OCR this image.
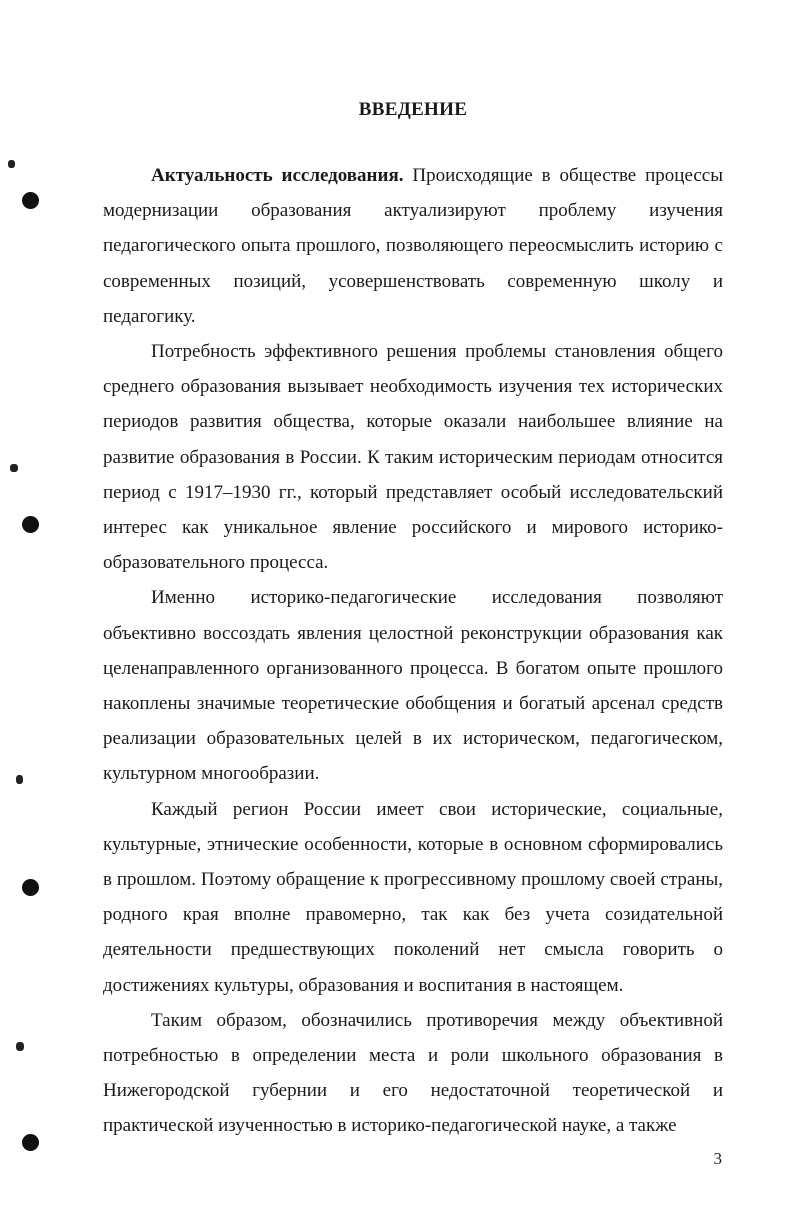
ВВЕДЕНИЕ

Актуальность исследования. Происходящие в обществе процессы модернизации образования актуализируют проблему изучения педагогического опыта прошлого, позволяющего переосмыслить историю с современных позиций, усовершенствовать современную школу и педагогику.

Потребность эффективного решения проблемы становления общего среднего образования вызывает необходимость изучения тех исторических периодов развития общества, которые оказали наибольшее влияние на развитие образования в России. К таким историческим периодам относится период с 1917–1930 гг., который представляет особый исследовательский интерес как уникальное явление российского и мирового историко-образовательного процесса.

Именно историко-педагогические исследования позволяют объективно воссоздать явления целостной реконструкции образования как целенаправленного организованного процесса. В богатом опыте прошлого накоплены значимые теоретические обобщения и богатый арсенал средств реализации образовательных целей в их историческом, педагогическом, культурном многообразии.

Каждый регион России имеет свои исторические, социальные, культурные, этнические особенности, которые в основном сформировались в прошлом. Поэтому обращение к прогрессивному прошлому своей страны, родного края вполне правомерно, так как без учета созидательной деятельности предшествующих поколений нет смысла говорить о достижениях культуры, образования и воспитания в настоящем.

Таким образом, обозначились противоречия между объективной потребностью в определении места и роли школьного образования в Нижегородской губернии и его недостаточной теоретической и практической изученностью в историко-педагогической науке, а также

3
